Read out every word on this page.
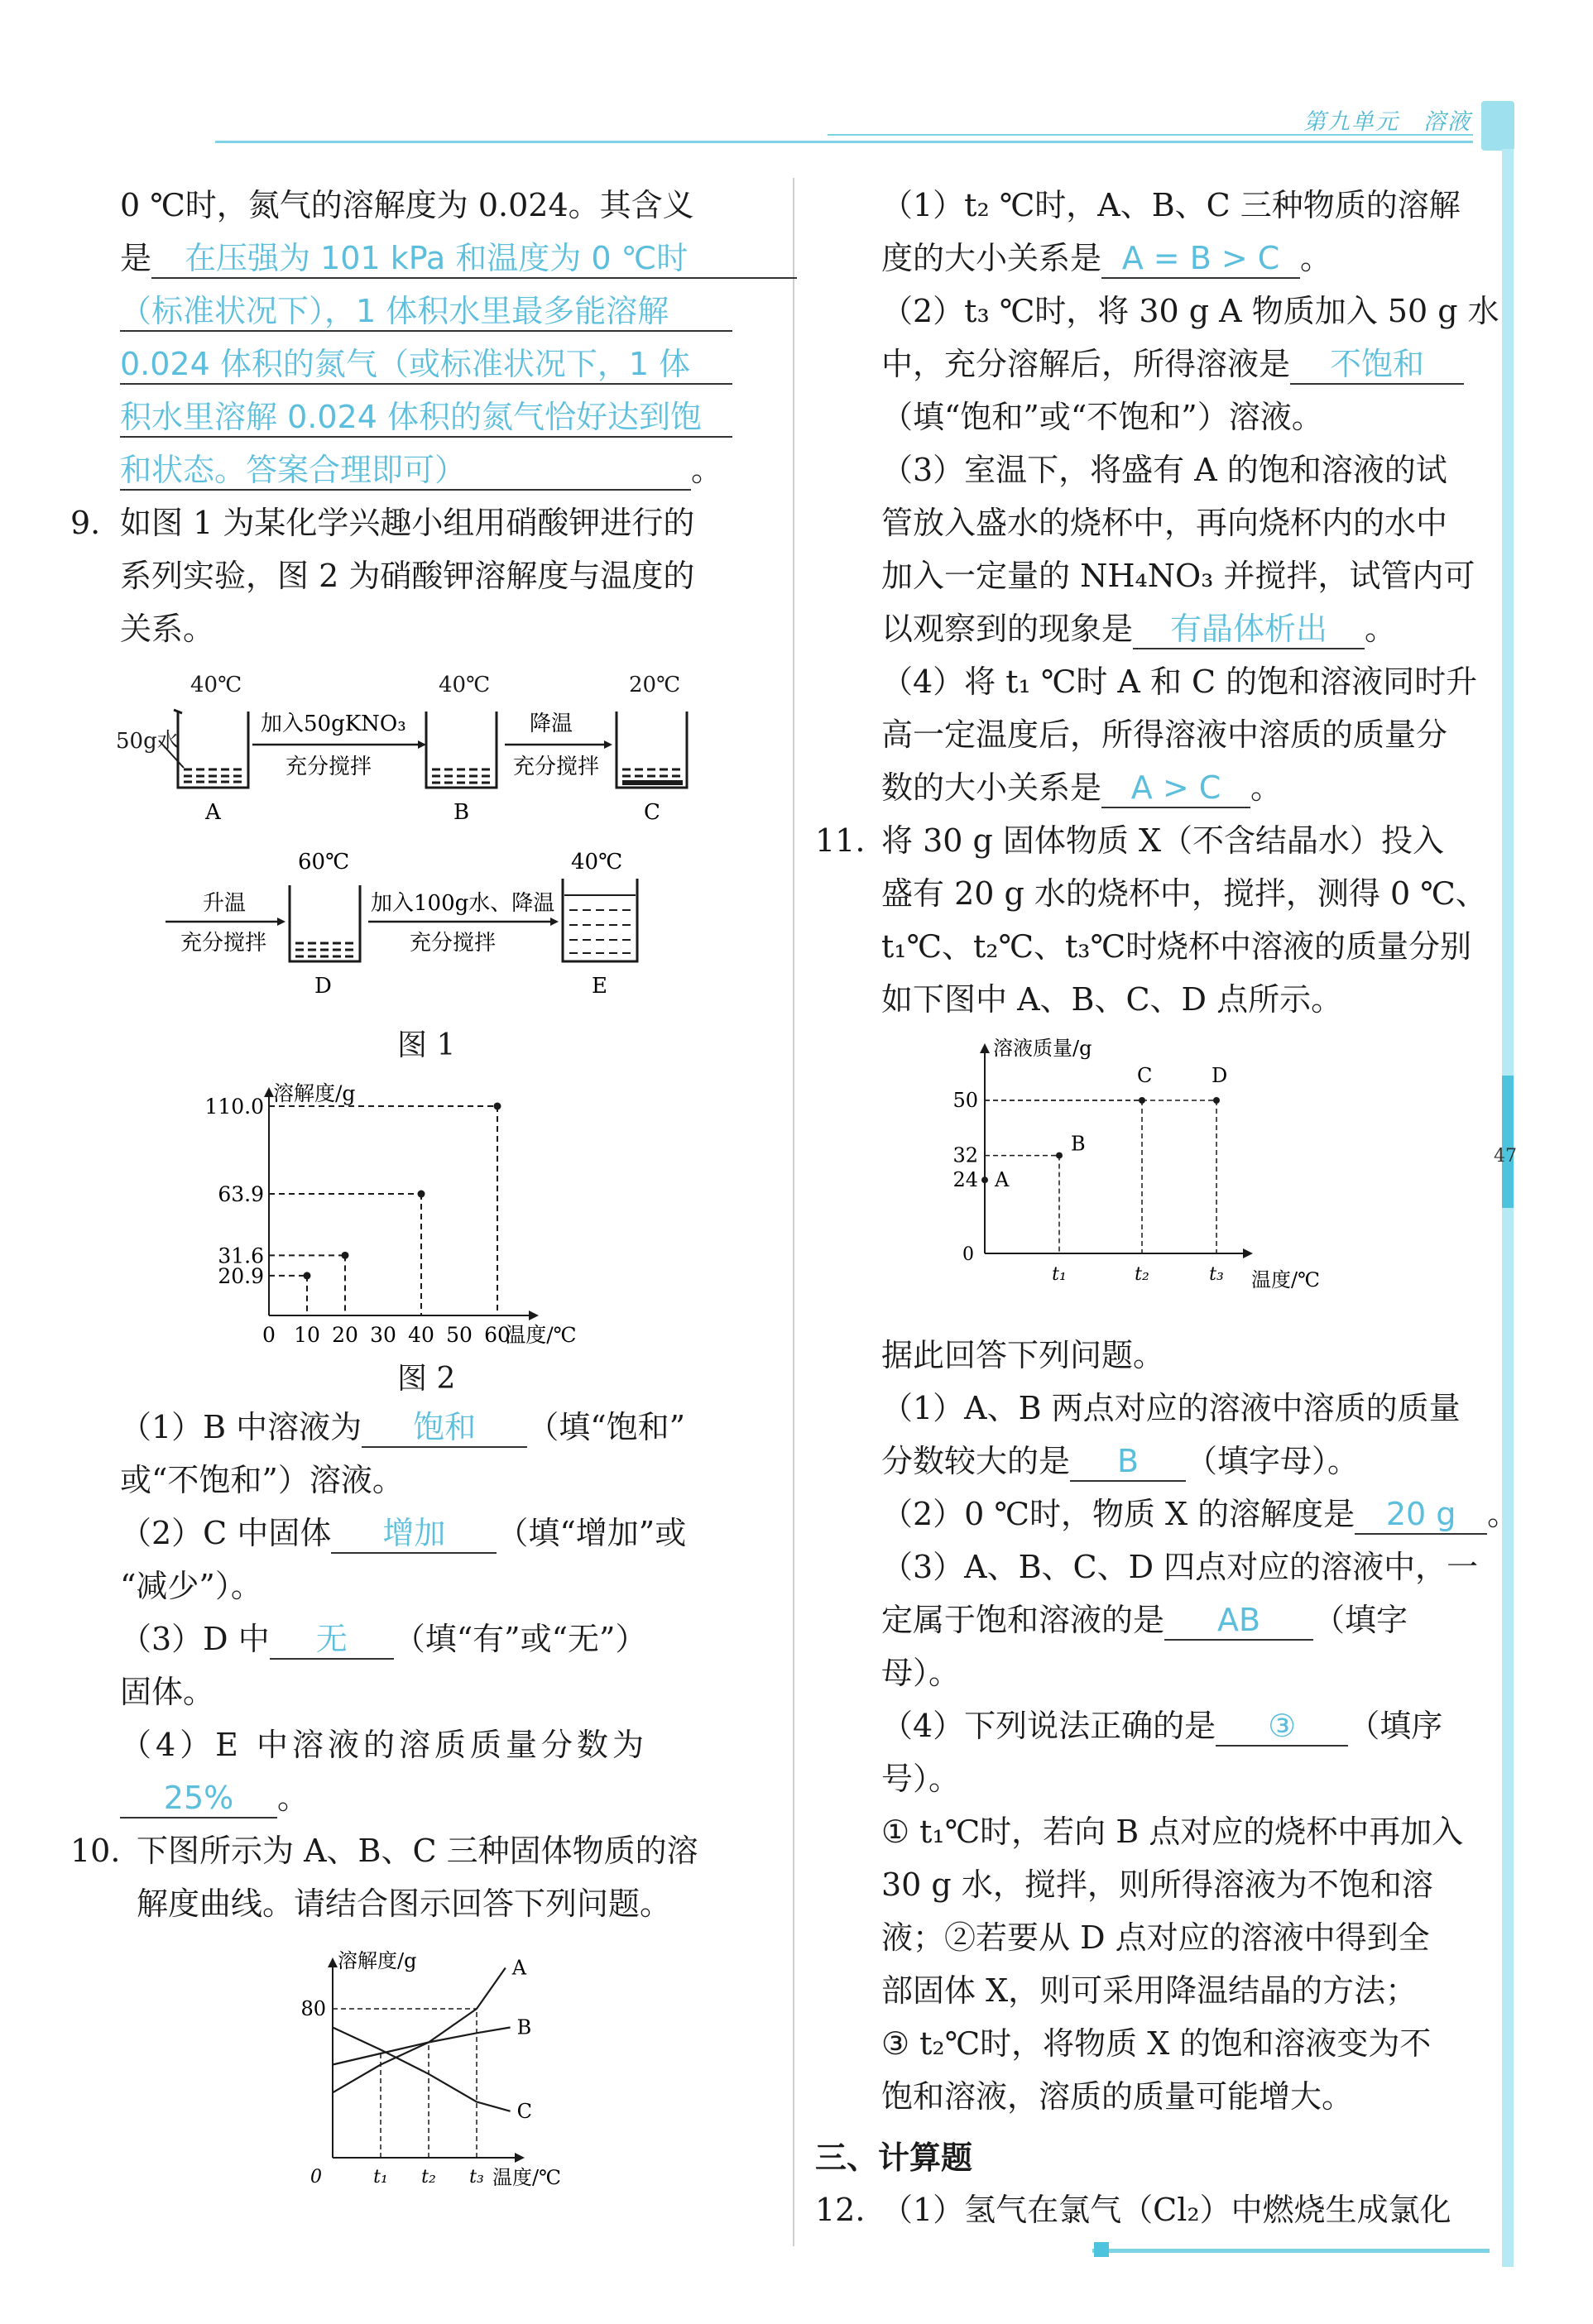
第九单元　溶液
47
0 ℃时，氮气的溶解度为 0.024。其含义
是 在压强为 101 kPa 和温度为 0 ℃时
（标准状况下），1 体积水里最多能溶解
0.024 体积的氮气（或标准状况下，1 体
积水里溶解 0.024 体积的氮气恰好达到饱
和状态。答案合理即可）	。
9. 如图 1 为某化学兴趣小组用硝酸钾进行的
系列实验，图 2 为硝酸钾溶解度与温度的
关系。
40℃	40℃	20℃
50g水
加入50gKNO₃
充分搅拌
降温
充分搅拌
A	B	C
60℃	40℃
升温
充分搅拌
加入100g水、降温
充分搅拌
D	E
图 1
溶解度/g
温度/℃
0 10 20 30 40 50 60
20.9
31.6
63.9
110.0
图 2
（1）B 中溶液为 饱和 （填“饱和”
或“不饱和”）溶液。
（2）C 中固体 增加 （填“增加”或
“减少”）。
（3）D 中 无 （填“有”或“无”）
固体。
（4）E 中溶液的溶质质量分数为
25% 。
10. 下图所示为 A、B、C 三种固体物质的溶
解度曲线。请结合图示回答下列问题。
溶解度/g
温度/℃
80
0	t₁ t₂ t₃
A
B
C
（1）t₂ ℃时，A、B、C 三种物质的溶解
度的大小关系是 A = B > C 。
（2）t₃ ℃时，将 30 g A 物质加入 50 g 水
中，充分溶解后，所得溶液是 不饱和
（填“饱和”或“不饱和”）溶液。
（3）室温下，将盛有 A 的饱和溶液的试
管放入盛水的烧杯中，再向烧杯内的水中
加入一定量的 NH₄NO₃ 并搅拌，试管内可
以观察到的现象是 有晶体析出 。
（4）将 t₁ ℃时 A 和 C 的饱和溶液同时升
高一定温度后，所得溶液中溶质的质量分
数的大小关系是 A > C 。
11. 将 30 g 固体物质 X（不含结晶水）投入
盛有 20 g 水的烧杯中，搅拌，测得 0 ℃、
t₁℃、t₂℃、t₃℃时烧杯中溶液的质量分别
如下图中 A、B、C、D 点所示。
溶液质量/g
温度/℃
0
t₁	t₂	t₃
24
32
50
A
B
C	D
据此回答下列问题。
（1）A、B 两点对应的溶液中溶质的质量
分数较大的是 B （填字母）。
（2）0 ℃时，物质 X 的溶解度是 20 g 。
（3）A、B、C、D 四点对应的溶液中，一
定属于饱和溶液的是 AB （填字
母）。
（4）下列说法正确的是 ③ （填序
号）。
① t₁℃时，若向 B 点对应的烧杯中再加入
30 g 水，搅拌，则所得溶液为不饱和溶
液；②若要从 D 点对应的溶液中得到全
部固体 X，则可采用降温结晶的方法；
③ t₂℃时，将物质 X 的饱和溶液变为不
饱和溶液，溶质的质量可能增大。
三、计算题
12. （1）氢气在氯气（Cl₂）中燃烧生成氯化
